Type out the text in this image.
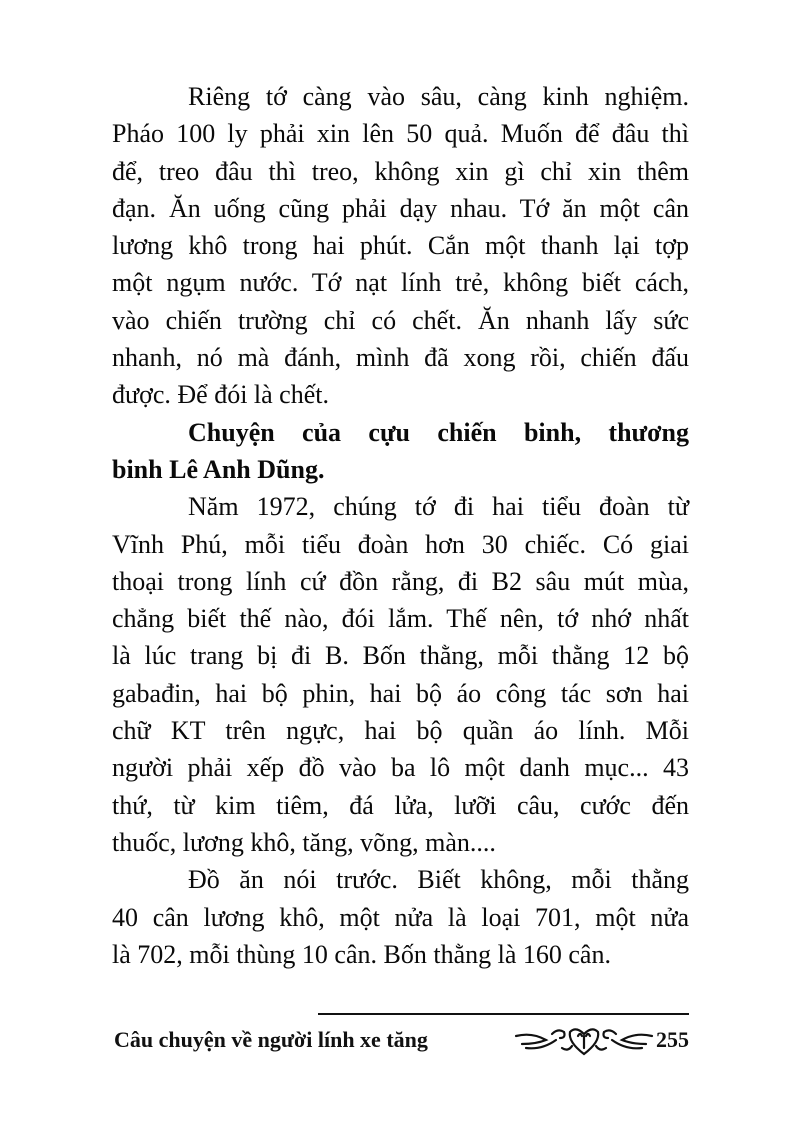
Riêng tớ càng vào sâu, càng kinh nghiệm.
Pháo 100 ly phải xin lên 50 quả. Muốn để đâu thì
để, treo đâu thì treo, không xin gì chỉ xin thêm
đạn. Ăn uống cũng phải dạy nhau. Tớ ăn một cân
lương khô trong hai phút. Cắn một thanh lại tợp
một ngụm nước. Tớ nạt lính trẻ, không biết cách,
vào chiến trường chỉ có chết. Ăn nhanh lấy sức
nhanh, nó mà đánh, mình đã xong rồi, chiến đấu
được. Để đói là chết.
Chuyện của cựu chiến binh, thương
binh Lê Anh Dũng.
Năm 1972, chúng tớ đi hai tiểu đoàn từ
Vĩnh Phú, mỗi tiểu đoàn hơn 30 chiếc. Có giai
thoại trong lính cứ đồn rằng, đi B2 sâu mút mùa,
chẳng biết thế nào, đói lắm. Thế nên, tớ nhớ nhất
là lúc trang bị đi B. Bốn thằng, mỗi thằng 12 bộ
gabađin, hai bộ phin, hai bộ áo công tác sơn hai
chữ KT trên ngực, hai bộ quần áo lính. Mỗi
người phải xếp đồ vào ba lô một danh mục... 43
thứ, từ kim tiêm, đá lửa, lưỡi câu, cước đến
thuốc, lương khô, tăng, võng, màn....
Đồ ăn nói trước. Biết không, mỗi thằng
40 cân lương khô, một nửa là loại 701, một nửa
là 702, mỗi thùng 10 cân. Bốn thằng là 160 cân.
Câu chuyện về người lính xe tăng	255
